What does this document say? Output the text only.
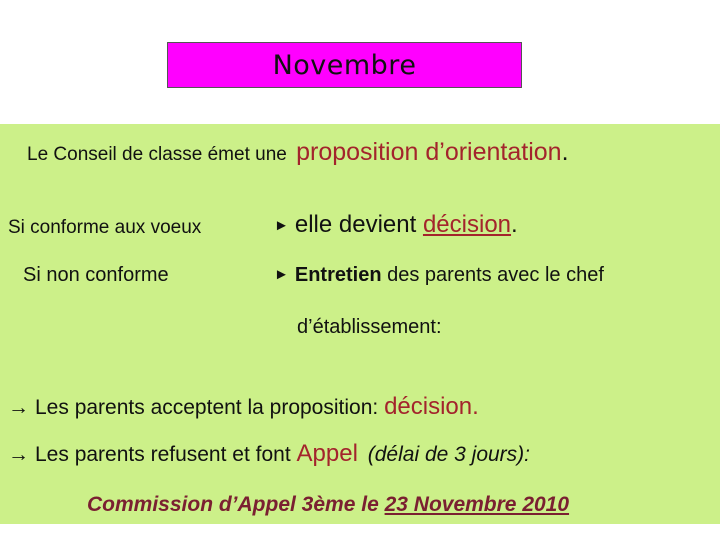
Novembre
Le Conseil de classe émet une proposition d’orientation.
Si conforme aux voeux	► elle devient décision.
Si non conforme	► Entretien des parents avec le chef
d’établissement:
→ Les parents acceptent la proposition: décision.
→ Les parents refusent et font Appel (délai de 3 jours):
Commission d’Appel 3ème le 23 Novembre 2010
